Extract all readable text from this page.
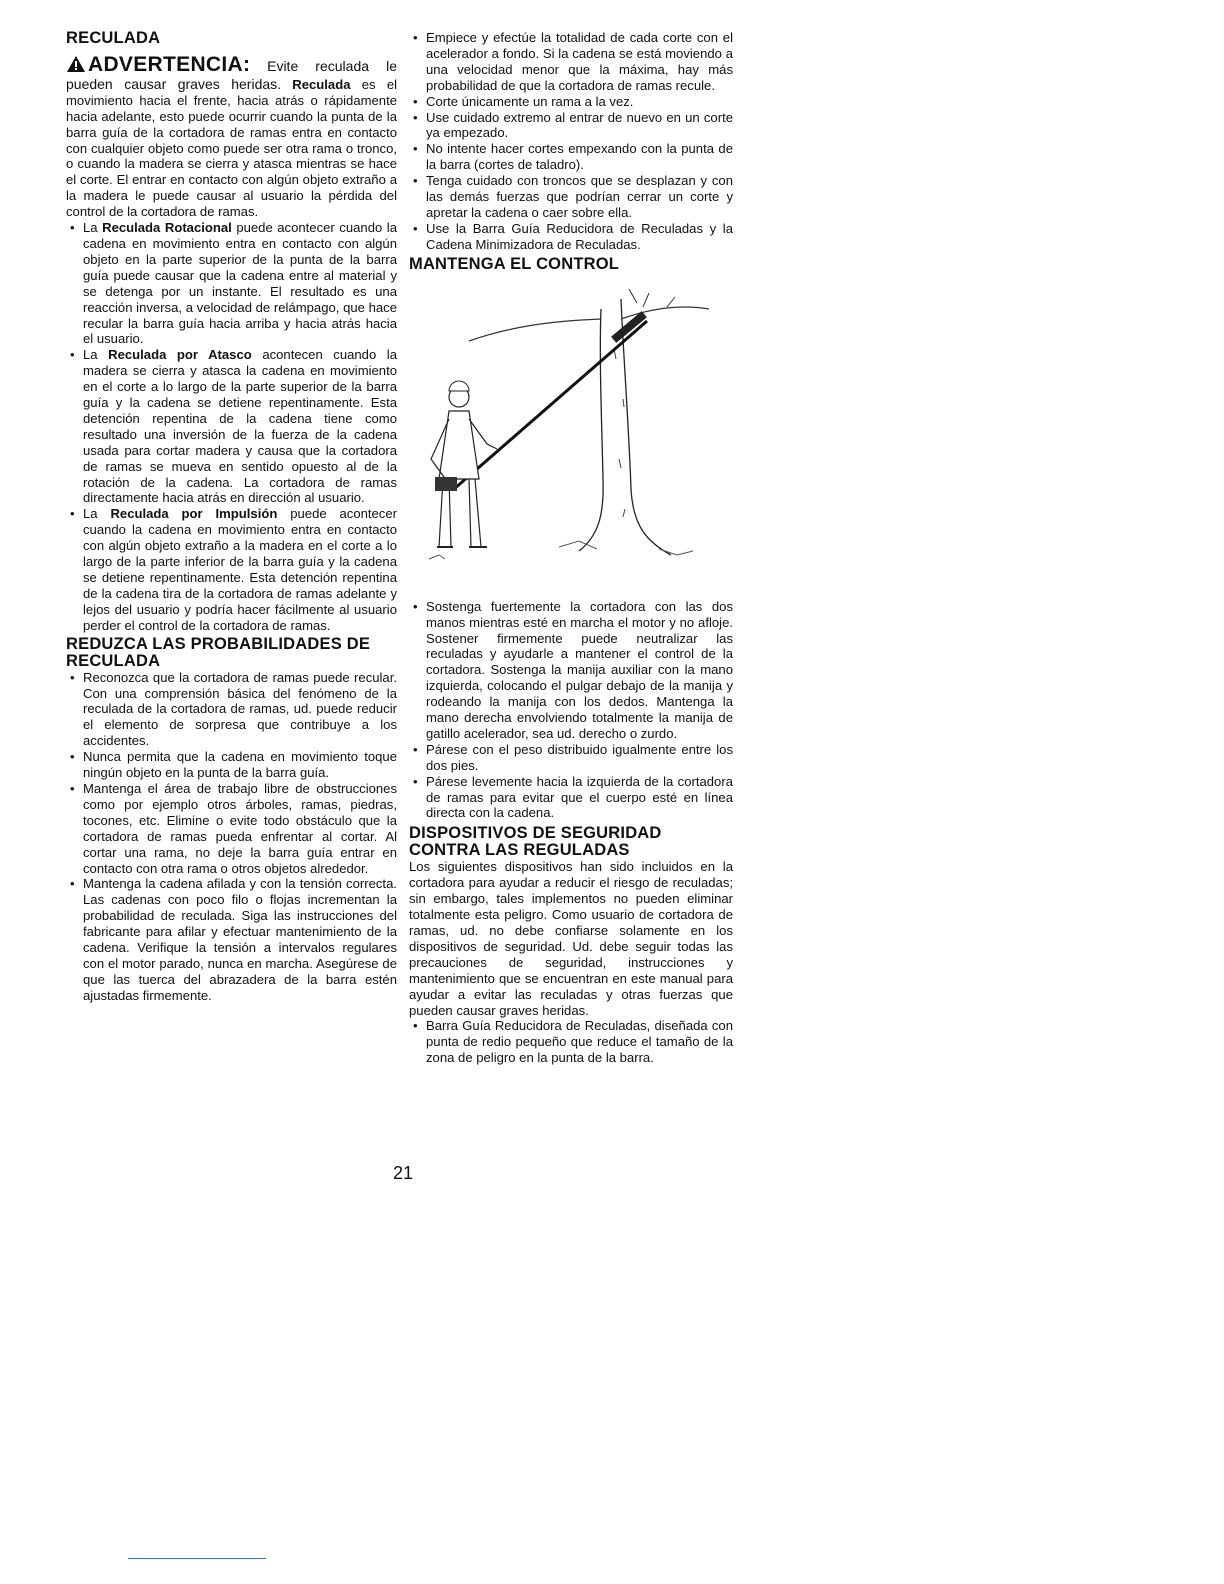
RECULADA

ADVERTENCIA: Evite reculada le pueden causar graves heridas. Reculada es el movimiento hacia el frente, hacia atrás o rápidamente hacia adelante, esto puede ocurrir cuando la punta de la barra guía de la cortadora de ramas entra en contacto con cualquier objeto como puede ser otra rama o tronco, o cuando la madera se cierra y atasca mientras se hace el corte. El entrar en contacto con algún objeto extraño a la madera le puede causar al usuario la pérdida del control de la cortadora de ramas.

• La Reculada Rotacional puede acontecer cuando la cadena en movimiento entra en contacto con algún objeto en la parte superior de la punta de la barra guía puede causar que la cadena entre al material y se detenga por un instante. El resultado es una reacción inversa, a velocidad de relámpago, que hace recular la barra guía hacia arriba y hacia atrás hacia el usuario.
• La Reculada por Atasco acontecen cuando la madera se cierra y atasca la cadena en movimiento en el corte a lo largo de la parte superior de la barra guía y la cadena se detiene repentinamente. Esta detención repentina de la cadena tiene como resultado una inversión de la fuerza de la cadena usada para cortar madera y causa que la cortadora de ramas se mueva en sentido opuesto al de la rotación de la cadena. La cortadora de ramas directamente hacia atrás en dirección al usuario.
• La Reculada por Impulsión puede acontecer cuando la cadena en movimiento entra en contacto con algún objeto extraño a la madera en el corte a lo largo de la parte inferior de la barra guía y la cadena se detiene repentinamente. Esta detención repentina de la cadena tira de la cortadora de ramas adelante y lejos del usuario y podría hacer fácilmente al usuario perder el control de la cortadora de ramas.
REDUZCA LAS PROBABILIDADES DE RECULADA
• Reconozca que la cortadora de ramas puede recular. Con una comprensión básica del fenómeno de la reculada de la cortadora de ramas, ud. puede reducir el elemento de sorpresa que contribuye a los accidentes.
• Nunca permita que la cadena en movimiento toque ningún objeto en la punta de la barra guía.
• Mantenga el área de trabajo libre de obstrucciones como por ejemplo otros árboles, ramas, piedras, tocones, etc. Elimine o evite todo obstáculo que la cortadora de ramas pueda enfrentar al cortar. Al cortar una rama, no deje la barra guía entrar en contacto con otra rama o otros objetos alrededor.
• Mantenga la cadena afilada y con la tensión correcta. Las cadenas con poco filo o flojas incrementan la probabilidad de reculada. Siga las instrucciones del fabricante para afilar y efectuar mantenimiento de la cadena. Verifique la tensión a intervalos regulares con el motor parado, nunca en marcha. Asegúrese de que las tuerca del abrazadera de la barra estén ajustadas firmemente.
• Empiece y efectúe la totalidad de cada corte con el acelerador a fondo. Si la cadena se está moviendo a una velocidad menor que la máxima, hay más probabilidad de que la cortadora de ramas recule.
• Corte únicamente un rama a la vez.
• Use cuidado extremo al entrar de nuevo en un corte ya empezado.
• No intente hacer cortes empexando con la punta de la barra (cortes de taladro).
• Tenga cuidado con troncos que se desplazan y con las demás fuerzas que podrían cerrar un corte y apretar la cadena o caer sobre ella.
• Use la Barra Guía Reducidora de Reculadas y la Cadena Minimizadora de Reculadas.
MANTENGA EL CONTROL
• Sostenga fuertemente la cortadora con las dos manos mientras esté en marcha el motor y no afloje. Sostener firmemente puede neutralizar las reculadas y ayudarle a mantener el control de la cortadora. Sostenga la manija auxiliar con la mano izquierda, colocando el pulgar debajo de la manija y rodeando la manija con los dedos. Mantenga la mano derecha envolviendo totalmente la manija de gatillo acelerador, sea ud. derecho o zurdo.
• Párese con el peso distribuido igualmente entre los dos pies.
• Párese levemente hacia la izquierda de la cortadora de ramas para evitar que el cuerpo esté en línea directa con la cadena.
DISPOSITIVOS DE SEGURIDAD CONTRA LAS REGULADAS

Los siguientes dispositivos han sido incluidos en la cortadora para ayudar a reducir el riesgo de reculadas; sin embargo, tales implementos no pueden eliminar totalmente esta peligro. Como usuario de cortadora de ramas, ud. no debe confiarse solamente en los dispositivos de seguridad. Ud. debe seguir todas las precauciones de seguridad, instrucciones y mantenimiento que se encuentran en este manual para ayudar a evitar las reculadas y otras fuerzas que pueden causar graves heridas.

• Barra Guía Reducidora de Reculadas, diseñada con punta de redio pequeño que reduce el tamaño de la zona de peligro en la punta de la barra.
21
